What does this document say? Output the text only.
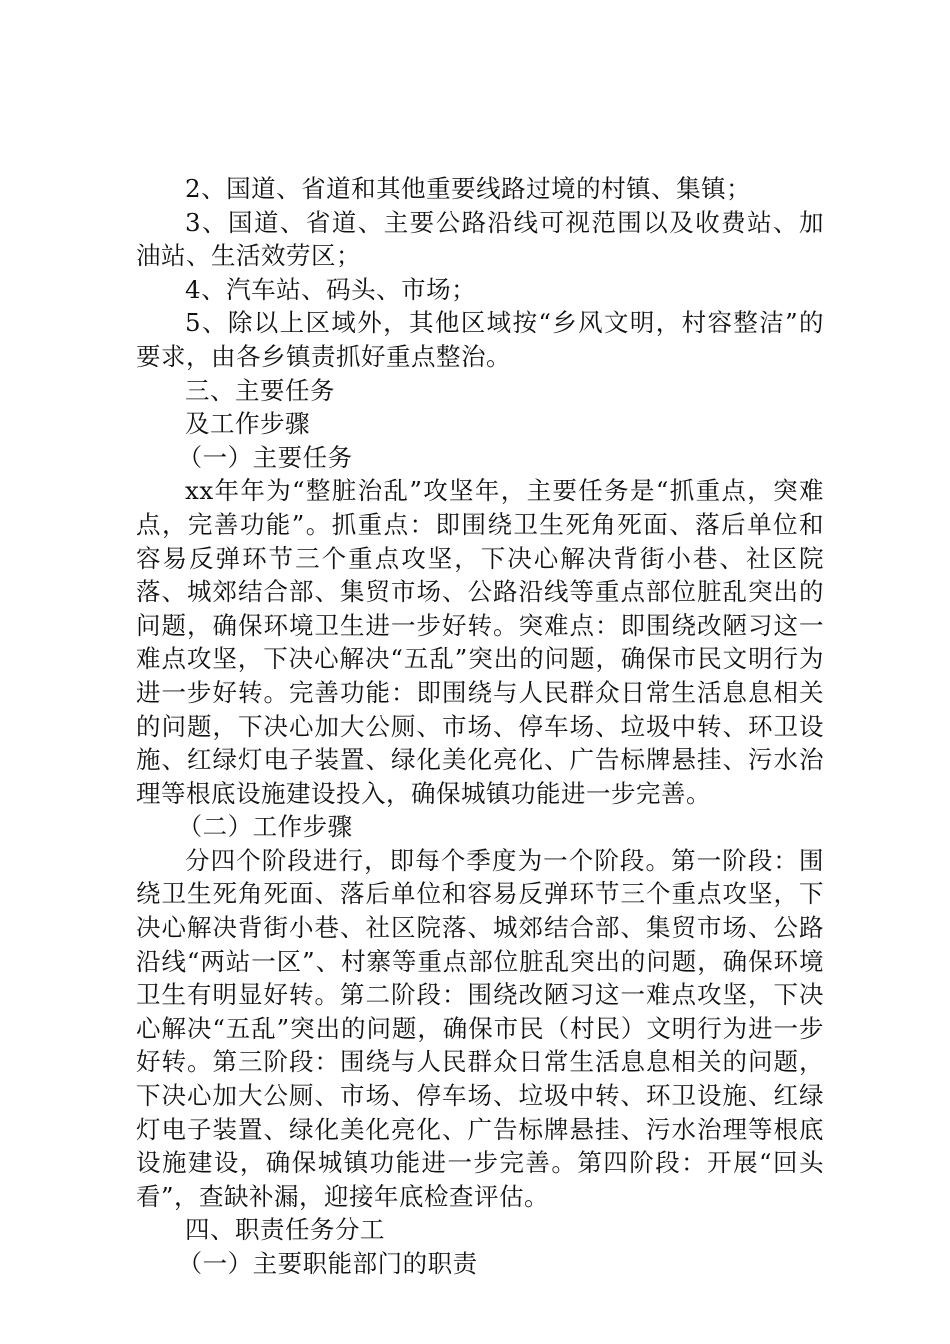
2、国道、省道和其他重要线路过境的村镇、集镇；

3、国道、省道、主要公路沿线可视范围以及收费站、加油站、生活效劳区；

4、汽车站、码头、市场；

5、除以上区域外，其他区域按“乡风文明，村容整洁”的要求，由各乡镇责抓好重点整治。

三、主要任务

及工作步骤

（一）主要任务

xx年年为“整脏治乱”攻坚年，主要任务是“抓重点，突难点，完善功能”。抓重点：即围绕卫生死角死面、落后单位和容易反弹环节三个重点攻坚，下决心解决背街小巷、社区院落、城郊结合部、集贸市场、公路沿线等重点部位脏乱突出的问题，确保环境卫生进一步好转。突难点：即围绕改陋习这一难点攻坚，下决心解决“五乱”突出的问题，确保市民文明行为进一步好转。完善功能：即围绕与人民群众日常生活息息相关的问题，下决心加大公厕、市场、停车场、垃圾中转、环卫设施、红绿灯电子装置、绿化美化亮化、广告标牌悬挂、污水治理等根底设施建设投入，确保城镇功能进一步完善。

（二）工作步骤

分四个阶段进行，即每个季度为一个阶段。第一阶段：围绕卫生死角死面、落后单位和容易反弹环节三个重点攻坚，下决心解决背街小巷、社区院落、城郊结合部、集贸市场、公路沿线“两站一区”、村寨等重点部位脏乱突出的问题，确保环境卫生有明显好转。第二阶段：围绕改陋习这一难点攻坚，下决心解决“五乱”突出的问题，确保市民（村民）文明行为进一步好转。第三阶段：围绕与人民群众日常生活息息相关的问题，下决心加大公厕、市场、停车场、垃圾中转、环卫设施、红绿灯电子装置、绿化美化亮化、广告标牌悬挂、污水治理等根底设施建设，确保城镇功能进一步完善。第四阶段：开展“回头看”，查缺补漏，迎接年底检查评估。

四、职责任务分工

（一）主要职能部门的职责
